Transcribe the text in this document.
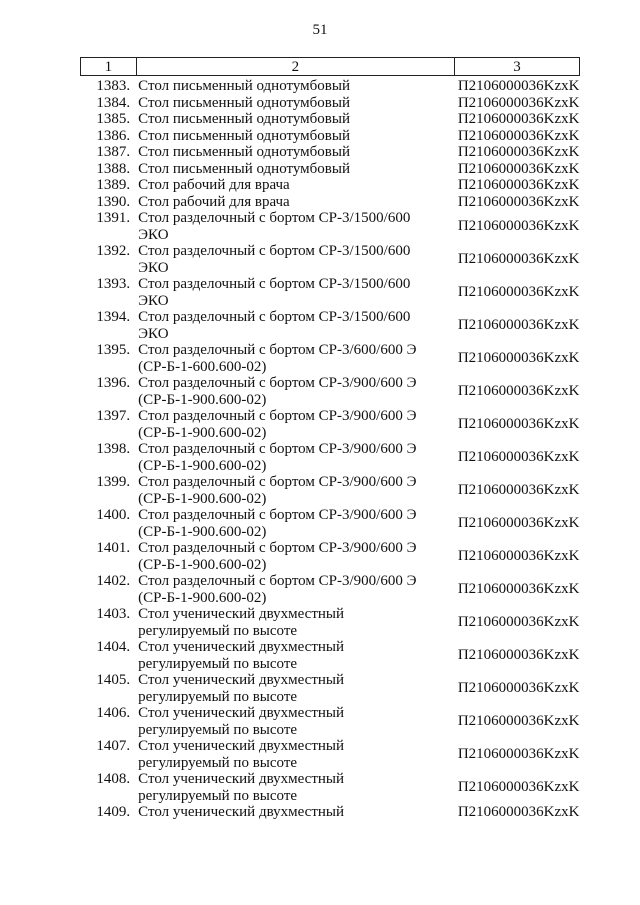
51
1	2	3
1383.	Стол письменный однотумбовый	П2106000036KzxK
1384.	Стол письменный однотумбовый	П2106000036KzxK
1385.	Стол письменный однотумбовый	П2106000036KzxK
1386.	Стол письменный однотумбовый	П2106000036KzxK
1387.	Стол письменный однотумбовый	П2106000036KzxK
1388.	Стол письменный однотумбовый	П2106000036KzxK
1389.	Стол рабочий для врача	П2106000036KzxK
1390.	Стол рабочий для врача	П2106000036KzxK
1391.	Стол разделочный с бортом СР-3/1500/600
ЭКО	П2106000036KzxK
1392.	Стол разделочный с бортом СР-3/1500/600
ЭКО	П2106000036KzxK
1393.	Стол разделочный с бортом СР-3/1500/600
ЭКО	П2106000036KzxK
1394.	Стол разделочный с бортом СР-3/1500/600
ЭКО	П2106000036KzxK
1395.	Стол разделочный с бортом СР-3/600/600 Э
(СР-Б-1-600.600-02)	П2106000036KzxK
1396.	Стол разделочный с бортом СР-3/900/600 Э
(СР-Б-1-900.600-02)	П2106000036KzxK
1397.	Стол разделочный с бортом СР-3/900/600 Э
(СР-Б-1-900.600-02)	П2106000036KzxK
1398.	Стол разделочный с бортом СР-3/900/600 Э
(СР-Б-1-900.600-02)	П2106000036KzxK
1399.	Стол разделочный с бортом СР-3/900/600 Э
(СР-Б-1-900.600-02)	П2106000036KzxK
1400.	Стол разделочный с бортом СР-3/900/600 Э
(СР-Б-1-900.600-02)	П2106000036KzxK
1401.	Стол разделочный с бортом СР-3/900/600 Э
(СР-Б-1-900.600-02)	П2106000036KzxK
1402.	Стол разделочный с бортом СР-3/900/600 Э
(СР-Б-1-900.600-02)	П2106000036KzxK
1403.	Стол ученический двухместный
регулируемый по высоте	П2106000036KzxK
1404.	Стол ученический двухместный
регулируемый по высоте	П2106000036KzxK
1405.	Стол ученический двухместный
регулируемый по высоте	П2106000036KzxK
1406.	Стол ученический двухместный
регулируемый по высоте	П2106000036KzxK
1407.	Стол ученический двухместный
регулируемый по высоте	П2106000036KzxK
1408.	Стол ученический двухместный
регулируемый по высоте	П2106000036KzxK
1409.	Стол ученический двухместный	П2106000036KzxK
